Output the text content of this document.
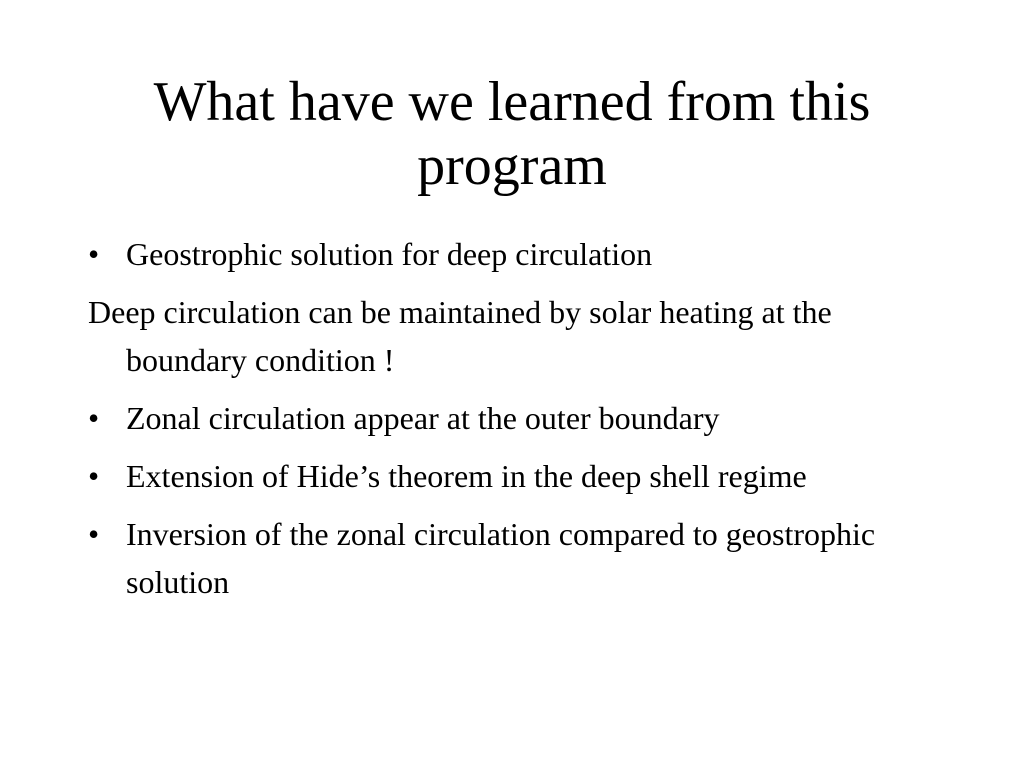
What have we learned from this program
• Geostrophic solution for deep circulation
Deep circulation can be maintained by solar heating at the boundary condition !
• Zonal circulation appear at the outer boundary
• Extension of Hide’s theorem in the deep shell regime
• Inversion of the zonal circulation compared to geostrophic solution
